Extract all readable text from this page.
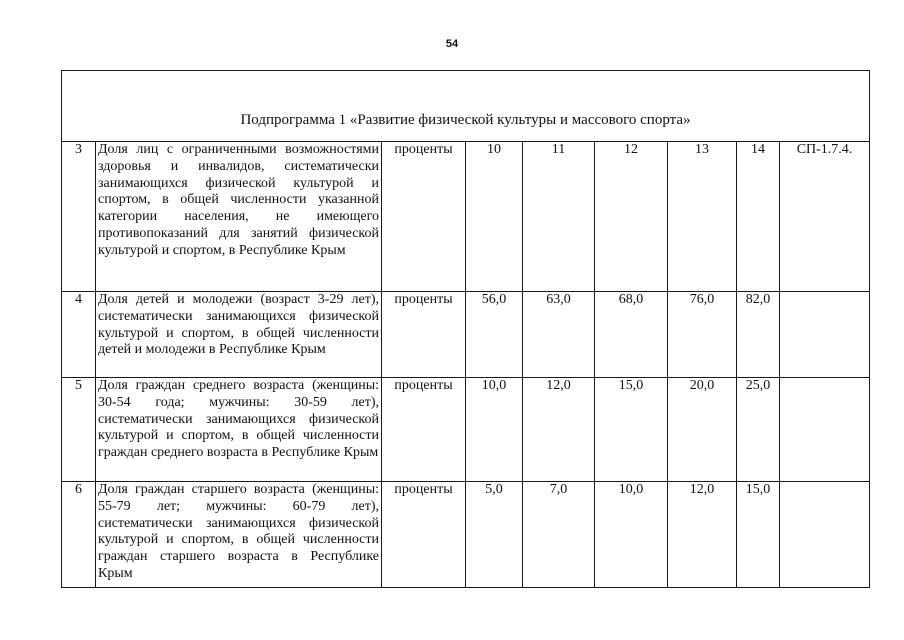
54
Подпрограмма 1 «Развитие физической культуры и массового спорта»								
3	Доля лиц с ограниченными возможностями здоровья и инвалидов, систематически занимающихся физической культурой и спортом, в общей численности указанной категории населения, не имеющего противопоказаний для занятий физической культурой и спортом, в Республике Крым	проценты	10	11	12	13	14	СП-1.7.4.
4	Доля детей и молодежи (возраст 3-29 лет), систематически занимающихся физической культурой и спортом, в общей численности детей и молодежи в Республике Крым	проценты	56,0	63,0	68,0	76,0	82,0	
5	Доля граждан среднего возраста (женщины: 30-54 года; мужчины: 30-59 лет), систематически занимающихся физической культурой и спортом, в общей численности граждан среднего возраста в Республике Крым	проценты	10,0	12,0	15,0	20,0	25,0	
6	Доля граждан старшего возраста (женщины: 55-79 лет; мужчины: 60-79 лет), систематически занимающихся физической культурой и спортом, в общей численности граждан старшего возраста в Республике Крым	проценты	5,0	7,0	10,0	12,0	15,0	
